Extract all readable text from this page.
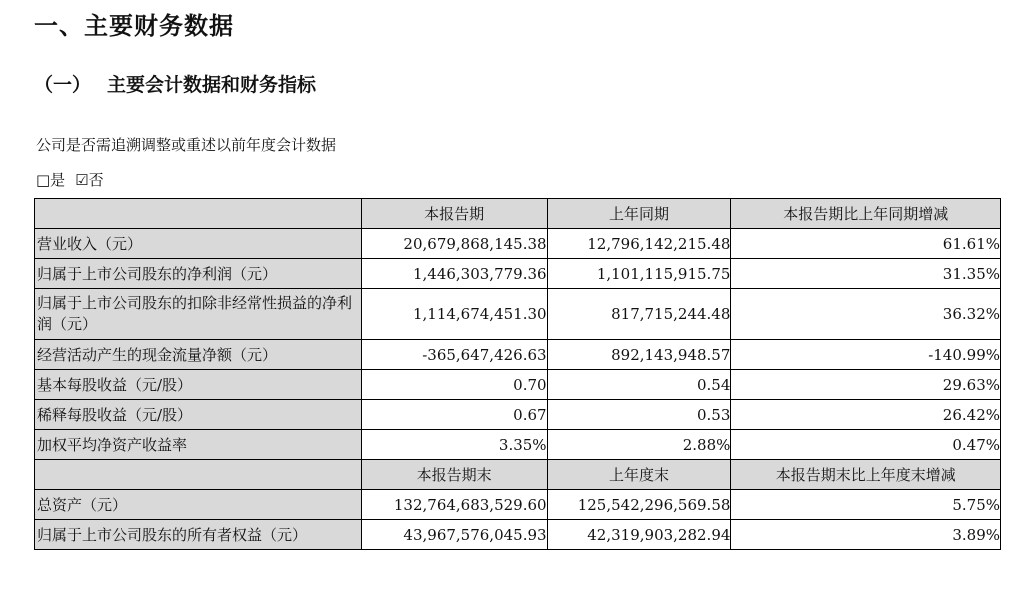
一、主要财务数据
（一） 主要会计数据和财务指标
公司是否需追溯调整或重述以前年度会计数据
□是 ☑否
	本报告期	上年同期	本报告期比上年同期增减
营业收入（元）	20,679,868,145.38	12,796,142,215.48	61.61%
归属于上市公司股东的净利润（元）	1,446,303,779.36	1,101,115,915.75	31.35%
归属于上市公司股东的扣除非经常性损益的净利润（元）	1,114,674,451.30	817,715,244.48	36.32%
经营活动产生的现金流量净额（元）	-365,647,426.63	892,143,948.57	-140.99%
基本每股收益（元/股）	0.70	0.54	29.63%
稀释每股收益（元/股）	0.67	0.53	26.42%
加权平均净资产收益率	3.35%	2.88%	0.47%
	本报告期末	上年度末	本报告期末比上年度末增减
总资产（元）	132,764,683,529.60	125,542,296,569.58	5.75%
归属于上市公司股东的所有者权益（元）	43,967,576,045.93	42,319,903,282.94	3.89%
